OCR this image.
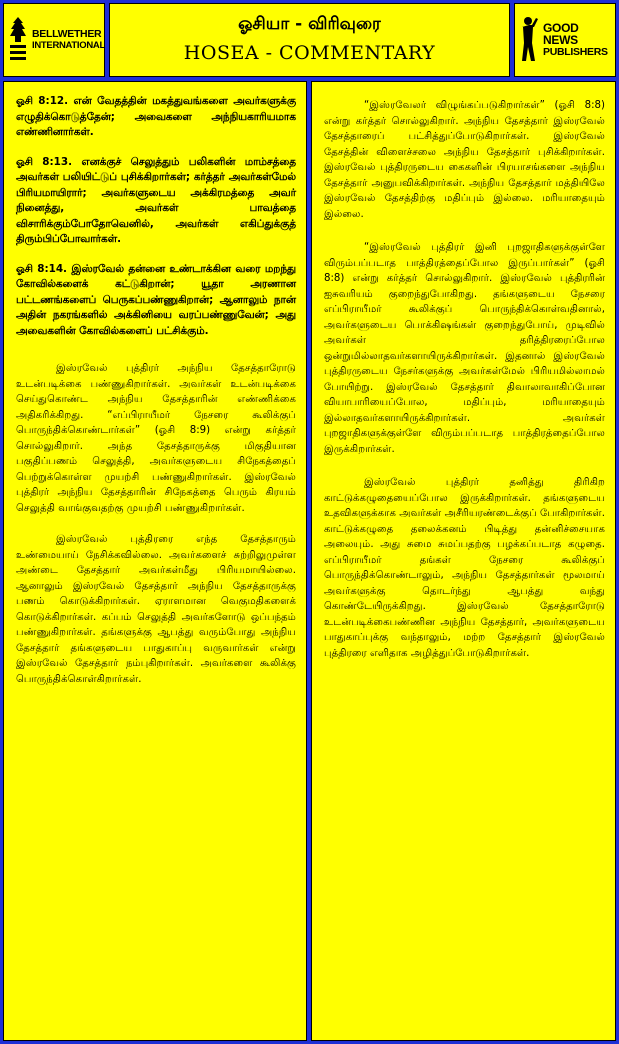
BELLWETHER
INTERNATIONAL
ஓசியா - விரிவுரை
HOSEA - COMMENTARY
GOOD NEWS
PUBLISHERS

ஓசி 8:12. என் வேதத்தின் மகத்துவங்களை அவர்களுக்கு எழுதிக்கொடுத்தேன்; அவைகளை அந்நியகாரியமாக எண்ணினார்கள்.

ஓசி 8:13. எனக்குச் செலுத்தும் பலிகளின் மாம்சத்தை அவர்கள் பலியிட்டுப் புசிக்கிறார்கள்; கர்த்தர் அவர்கள்மேல் பிரியமாயிரார்; அவர்களுடைய அக்கிரமத்தை அவர் நினைத்து, அவர்கள் பாவத்தை விசாரிக்கும்போதோவெனில், அவர்கள் எகிப்துக்குத் திரும்பிப்போவார்கள்.

ஓசி 8:14. இஸ்ரவேல் தன்னை உண்டாக்கின வரை மறந்து கோவில்களைக் கட்டுகிறான்; யூதா அரணான பட்டணங்களைப் பெருகப்பண்ணுகிறான்; ஆனாலும் நான் அதின் நகரங்களில் அக்கினியை வரப்பண்ணுவேன்; அது அவைகளின் கோவில்களைப் பட்சிக்கும்.

இஸ்ரவேல் புத்திரர் அந்நிய தேசத்தாரோடு உடன்படிக்கை பண்ணுகிறார்கள். அவர்கள் உடன்படிக்கை செய்துகொண்ட அந்நிய தேசத்தாரின் எண்ணிக்கை அதிகரிக்கிறது. “எப்பிராயீமர் நேசரை கூலிக்குப் பொருந்திக்கொண்டார்கள்” (ஓசி 8:9) என்று கர்த்தர் சொல்லுகிறார். அந்த தேசத்தாருக்கு மிகுதியான பகுதிப்பணம் செலுத்தி, அவர்களுடைய சிநேகத்தைப் பெற்றுக்கொள்ள முயற்சி பண்ணுகிறார்கள். இஸ்ரவேல் புத்திரர் அந்நிய தேசத்தாரின் சிநேகத்தை பெரும் கிரயம் செலுத்தி வாங்குவதற்கு முயற்சி பண்ணுகிறார்கள்.

இஸ்ரவேல் புத்திரரை எந்த தேசத்தாரும் உண்மையாய் நேசிக்கவில்லை. அவர்களைச் சுற்றிலுமுள்ள அண்டை தேசத்தார் அவர்கள்மீது பிரியமாயில்லை. ஆனாலும் இஸ்ரவேல் தேசத்தார் அந்நிய தேசத்தாருக்கு பணம் கொடுக்கிறார்கள். ஏராளமான வெகுமதிகளைக் கொடுக்கிறார்கள். கப்பம் செலுத்தி அவர்களோடு ஒப்பந்தம் பண்ணுகிறார்கள். தங்களுக்கு ஆபத்து வரும்போது அந்நிய தேசத்தார் தங்களுடைய பாதுகாப்பு வருவார்கள் என்று இஸ்ரவேல் தேசத்தார் நம்புகிறார்கள். அவர்களை கூலிக்கு பொருந்திக்கொள்கிறார்கள்.

“இஸ்ரவேலர் விழுங்கப்படுகிறார்கள்” (ஓசி 8:8) என்று கர்த்தர் சொல்லுகிறார். அந்நிய தேசத்தார் இஸ்ரவேல் தேசத்தாரைப் பட்சித்துப்போடுகிறார்கள். இஸ்ரவேல் தேசத்தின் விளைச்சலை அந்நிய தேசத்தார் புசிக்கிறார்கள். இஸ்ரவேல் புத்திரருடைய கைகளின் பிரயாசங்களை அந்நிய தேசத்தார் அனுபவிக்கிறார்கள். அந்நிய தேசத்தார் மத்தியிலே இஸ்ரவேல் தேசத்திற்கு மதிப்பும் இல்லை. மரியாதையும் இல்லை.

“இஸ்ரவேல் புத்திரர் இனி புறஜாதிகளுக்குள்ளே விரும்பப்படாத பாத்திரத்தைப்போல இருப்பார்கள்” (ஓசி 8:8) என்று கர்த்தர் சொல்லுகிறார். இஸ்ரவேல் புத்திரரின் ஐசுவரியம் குறைந்துபோகிறது. தங்களுடைய நேசரை எப்பிராயீமர் கூலிக்குப் பொருந்திக்கொள்வதினால், அவர்களுடைய பொக்கிஷங்கள் குறைந்துபோய், முடிவில் அவர்கள் தரித்திரரைப்போல ஒன்றுமில்லாதவர்களாயிருக்கிறார்கள். இதனால் இஸ்ரவேல் புத்திரருடைய நேசர்களுக்கு அவர்கள்மேல் பிரியமில்லாமல் போயிற்று. இஸ்ரவேல் தேசத்தார் திவாலாவாகிப்போன வியாபாரியைப்போல, மதிப்பும், மரியாதையும் இல்லாதவர்களாயிருக்கிறார்கள். அவர்கள் புறஜாதிகளுக்குள்ளே விரும்பப்படாத பாத்திரத்தைப்போல இருக்கிறார்கள்.

இஸ்ரவேல் புத்திரர் தனித்து திரிகிற காட்டுக்கழுதையைப்போல இருக்கிறார்கள். தங்களுடைய உதவிகளுக்காக அவர்கள் அசீரியரண்டைக்குப் போகிறார்கள். காட்டுக்கழுதை தலைக்கனம் பிடித்து தன்னிச்சையாக அலையும். அது சுமை சுமப்பதற்கு பழக்கப்படாத கழுதை. எப்பிராயீமர் தங்கள் நேசரை கூலிக்குப் பொருந்திக்கொண்டாலும், அந்நிய தேசத்தார்கள் மூலமாய் அவர்களுக்கு தொடர்ந்து ஆபத்து வந்து கொண்டேயிருக்கிறது. இஸ்ரவேல் தேசத்தாரோடு உடன்படிக்கைபண்ணின அந்நிய தேசத்தார், அவர்களுடைய பாதுகாப்புக்கு வந்தாலும், மற்ற தேசத்தார் இஸ்ரவேல் புத்திரரை எளிதாக அழித்துப்போடுகிறார்கள்.
